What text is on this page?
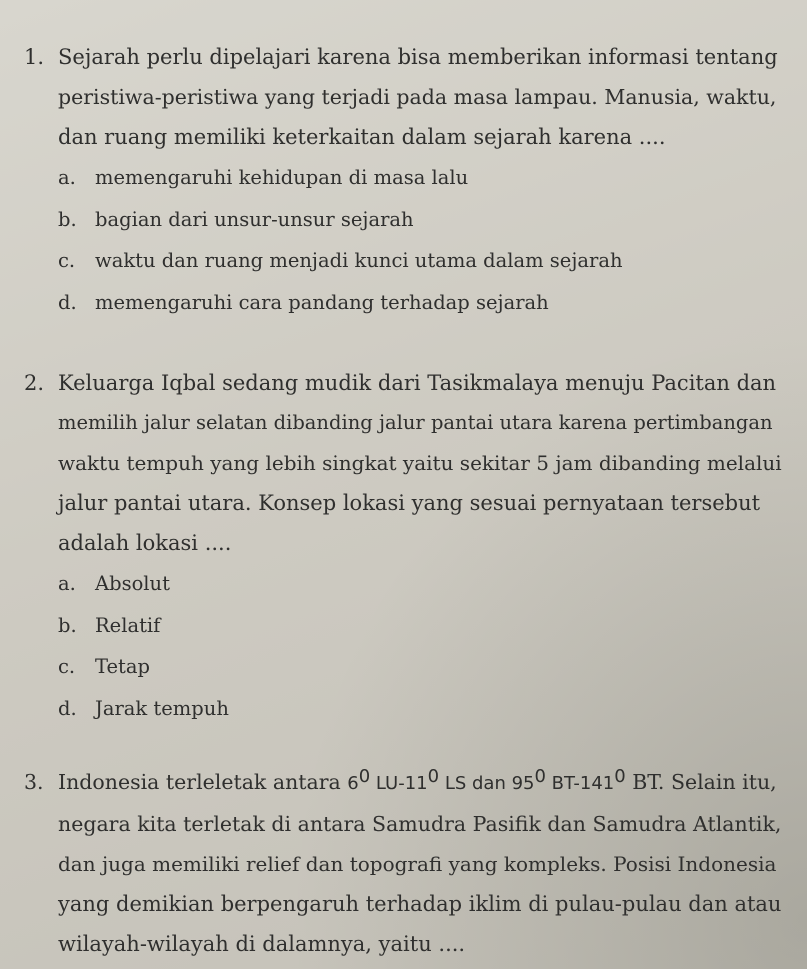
1. Sejarah perlu dipelajari karena bisa memberikan informasi tentang
peristiwa-peristiwa yang terjadi pada masa lampau. Manusia, waktu,
dan ruang memiliki keterkaitan dalam sejarah karena ....
a. memengaruhi kehidupan di masa lalu
b. bagian dari unsur-unsur sejarah
c. waktu dan ruang menjadi kunci utama dalam sejarah
d. memengaruhi cara pandang terhadap sejarah
2. Keluarga Iqbal sedang mudik dari Tasikmalaya menuju Pacitan dan
memilih jalur selatan dibanding jalur pantai utara karena pertimbangan
waktu tempuh yang lebih singkat yaitu sekitar 5 jam dibanding melalui
jalur pantai utara. Konsep lokasi yang sesuai pernyataan tersebut
adalah lokasi ....
a. Absolut
b. Relatif
c. Tetap
d. Jarak tempuh
3. Indonesia terleletak antara 60 LU-110 LS dan 950 BT-1410 BT. Selain itu,
negara kita terletak di antara Samudra Pasifik dan Samudra Atlantik,
dan juga memiliki relief dan topografi yang kompleks. Posisi Indonesia
yang demikian berpengaruh terhadap iklim di pulau-pulau dan atau
wilayah-wilayah di dalamnya, yaitu ....
